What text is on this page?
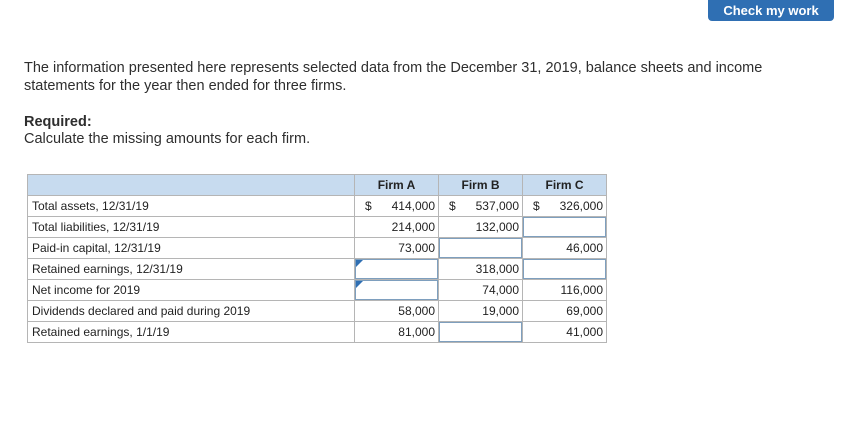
Check my work
The information presented here represents selected data from the December 31, 2019, balance sheets and income statements for the year then ended for three firms.
Required:
Calculate the missing amounts for each firm.
	Firm A	Firm B	Firm C
Total assets, 12/31/19	$ 414,000	$ 537,000	$ 326,000

Total liabilities, 12/31/19	214,000	132,000	

Paid-in capital, 12/31/19	73,000		46,000

Retained earnings, 12/31/19		318,000	

Net income for 2019		74,000	116,000

Dividends declared and paid during 2019	58,000	19,000	69,000

Retained earnings, 1/1/19	81,000		41,000
